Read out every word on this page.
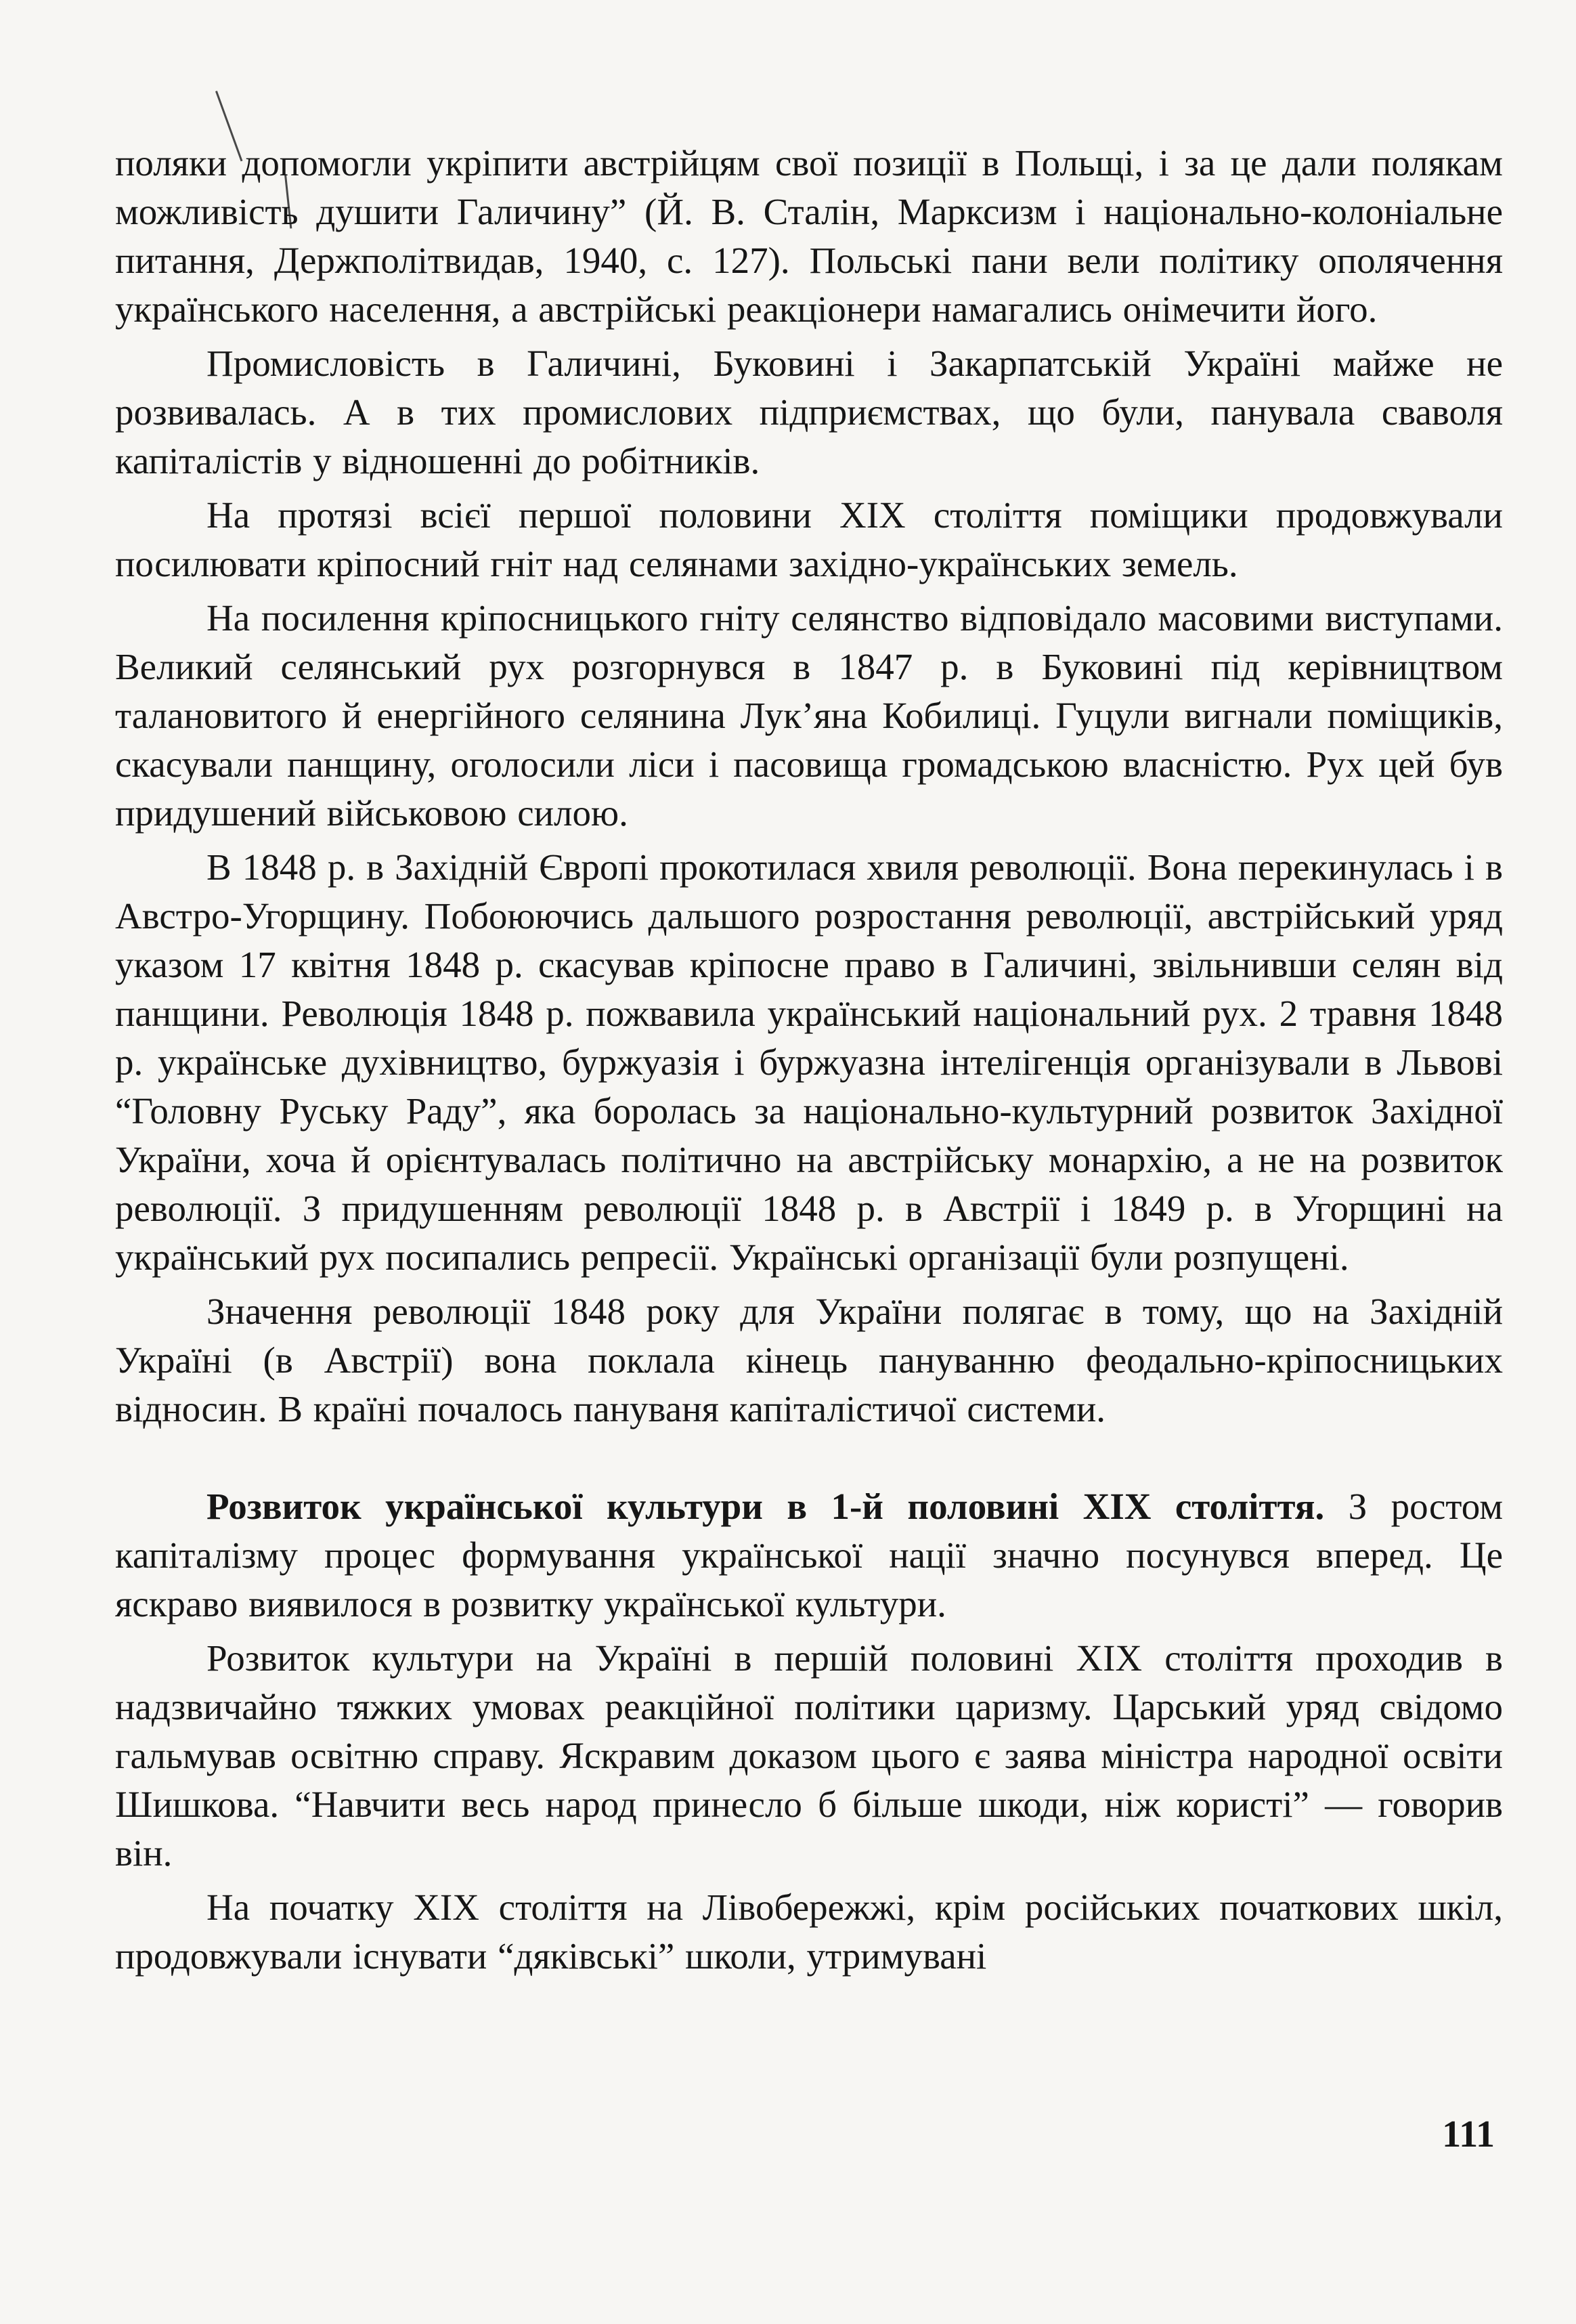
поляки допомогли укріпити австрійцям свої позиції в Польщі, і за це дали полякам можливість душити Галичину” (Й. В. Сталін, Марксизм і національно-колоніальне питання, Держполітвидав, 1940, с. 127). Польські пани вели політику ополячення українського населення, а австрійські реакціонери намагались онімечити його.

Промисловість в Галичині, Буковині і Закарпатській Україні майже не розвивалась. А в тих промислових підприємствах, що були, панувала сваволя капіталістів у відношенні до робітників.

На протязі всієї першої половини XIX століття поміщики продовжували посилювати кріпосний гніт над селянами західно-українських земель.

На посилення кріпосницького гніту селянство відповідало масовими виступами. Великий селянський рух розгорнувся в 1847 р. в Буковині під керівництвом талановитого й енергійного селянина Лук’яна Кобилиці. Гуцули вигнали поміщиків, скасували панщину, оголосили ліси і пасовища громадською власністю. Рух цей був придушений військовою силою.

В 1848 р. в Західній Європі прокотилася хвиля революції. Вона перекинулась і в Австро-Угорщину. Побоюючись дальшого розростання революції, австрійський уряд указом 17 квітня 1848 р. скасував кріпосне право в Галичині, звільнивши селян від панщини. Революція 1848 р. пожвавила український національний рух. 2 травня 1848 р. українське духівництво, буржуазія і буржуазна інтелігенція організували в Львові “Головну Руську Раду”, яка боролась за національно-культурний розвиток Західної України, хоча й орієнтувалась політично на австрійську монархію, а не на розвиток революції. З придушенням революції 1848 р. в Австрії і 1849 р. в Угорщині на український рух посипались репресії. Українські організації були розпущені.

Значення революції 1848 року для України полягає в тому, що на Західній Україні (в Австрії) вона поклала кінець пануванню феодально-кріпосницьких відносин. В країні почалось пануваня капіталістичої системи.

Розвиток української культури в 1-й половині XIX століття. З ростом капіталізму процес формування української нації значно посунувся вперед. Це яскраво виявилося в розвитку української культури.

Розвиток культури на Україні в першій половині XIX століття проходив в надзвичайно тяжких умовах реакційної політики царизму. Царський уряд свідомо гальмував освітню справу. Яскравим доказом цього є заява міністра народної освіти Шишкова. “Навчити весь народ принесло б більше шкоди, ніж користі” — говорив він.

На початку XIX століття на Лівобережжі, крім російських початкових шкіл, продовжували існувати “дяківські” школи, утримувані

111
